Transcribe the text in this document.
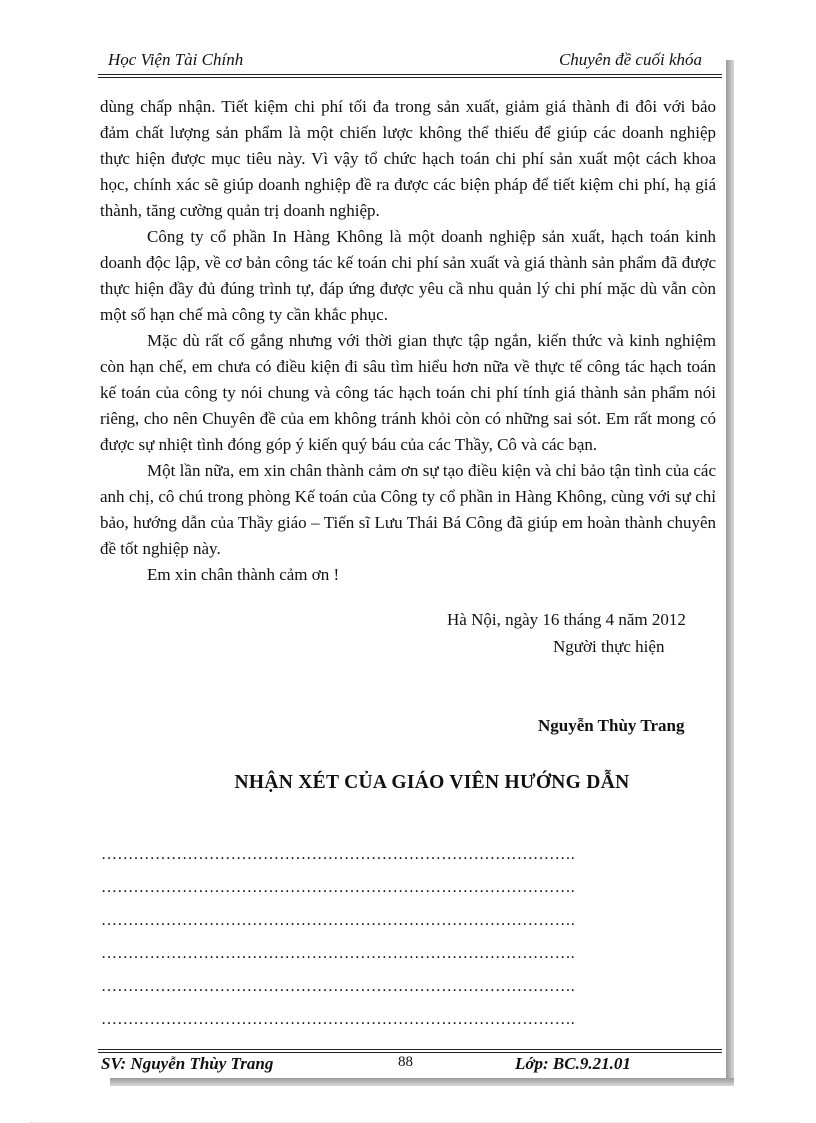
Học Viện Tài Chính	Chuyên đề cuối khóa

dùng chấp nhận. Tiết kiệm chi phí tối đa trong sản xuất, giảm giá thành đi đôi với bảo đảm chất lượng sản phẩm là một chiến lược không thể thiếu để giúp các doanh nghiệp thực hiện được mục tiêu này. Vì vậy tổ chức hạch toán chi phí sản xuất một cách khoa học, chính xác sẽ giúp doanh nghiệp đề ra được các biện pháp để tiết kiệm chi phí, hạ giá thành, tăng cường quản trị doanh nghiệp.

Công ty cổ phần In Hàng Không là một doanh nghiệp sản xuất, hạch toán kinh doanh độc lập, về cơ bản công tác kế toán chi phí sản xuất và giá thành sản phẩm đã được thực hiện đầy đủ đúng trình tự, đáp ứng được yêu cầ nhu quản lý chi phí mặc dù vẫn còn một số hạn chế mà công ty cần khắc phục.

Mặc dù rất cố gắng nhưng với thời gian thực tập ngắn, kiến thức và kinh nghiệm còn hạn chế, em chưa có điều kiện đi sâu tìm hiểu hơn nữa về thực tế công tác hạch toán kế toán của công ty nói chung và công tác hạch toán chi phí tính giá thành sản phẩm nói riêng, cho nên Chuyên đề của em không tránh khỏi còn có những sai sót. Em rất mong có được sự nhiệt tình đóng góp ý kiến quý báu của các Thầy, Cô và các bạn.

Một lần nữa, em xin chân thành cảm ơn sự tạo điều kiện và chỉ bảo tận tình của các anh chị, cô chú trong phòng Kế toán của Công ty cổ phần in Hàng Không, cùng với sự chỉ bảo, hướng dẫn của Thầy giáo – Tiến sĩ Lưu Thái Bá Công đã giúp em hoàn thành chuyên đề tốt nghiệp này.

Em xin chân thành cảm ơn !

Hà Nội, ngày 16 tháng 4 năm 2012
Người thực hiện
Nguyễn Thùy Trang
NHẬN XÉT CỦA GIÁO VIÊN HƯỚNG DẪN
…………………………………………………………………………….
…………………………………………………………………………….
…………………………………………………………………………….
…………………………………………………………………………….
…………………………………………………………………………….
…………………………………………………………………………….
SV: Nguyễn Thùy Trang	88	Lớp: BC.9.21.01
